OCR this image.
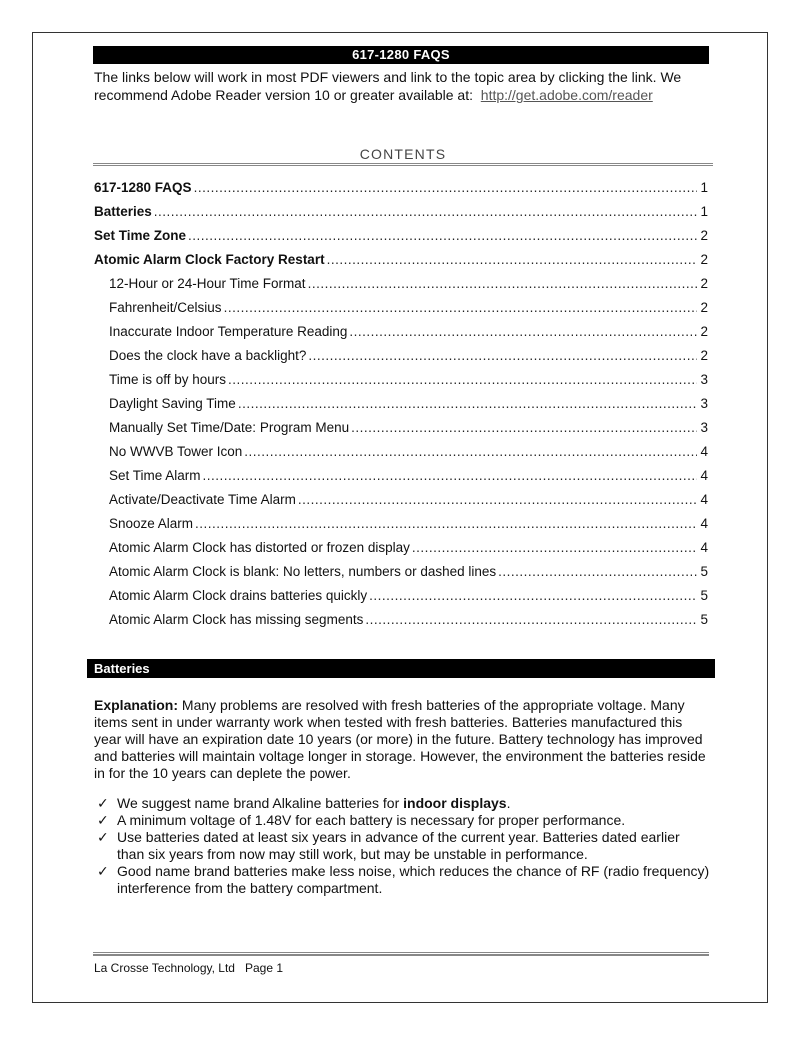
617-1280 FAQS
The links below will work in most PDF viewers and link to the topic area by clicking the link. We recommend Adobe Reader version 10 or greater available at: http://get.adobe.com/reader
CONTENTS
617-1280 FAQS .....	1
Batteries .....	1
Set Time Zone .....	2
Atomic Alarm Clock Factory Restart .....	2
12-Hour or 24-Hour Time Format .....	2
Fahrenheit/Celsius .....	2
Inaccurate Indoor Temperature Reading .....	2
Does the clock have a backlight? .....	2
Time is off by hours .....	3
Daylight Saving Time .....	3
Manually Set Time/Date: Program Menu .....	3
No WWVB Tower Icon .....	4
Set Time Alarm .....	4
Activate/Deactivate Time Alarm .....	4
Snooze Alarm .....	4
Atomic Alarm Clock has distorted or frozen display .....	4
Atomic Alarm Clock is blank: No letters, numbers or dashed lines .....	5
Atomic Alarm Clock drains batteries quickly .....	5
Atomic Alarm Clock has missing segments .....	5
Batteries
Explanation: Many problems are resolved with fresh batteries of the appropriate voltage. Many items sent in under warranty work when tested with fresh batteries. Batteries manufactured this year will have an expiration date 10 years (or more) in the future. Battery technology has improved and batteries will maintain voltage longer in storage. However, the environment the batteries reside in for the 10 years can deplete the power.
✓ We suggest name brand Alkaline batteries for indoor displays.
✓ A minimum voltage of 1.48V for each battery is necessary for proper performance.
✓ Use batteries dated at least six years in advance of the current year. Batteries dated earlier than six years from now may still work, but may be unstable in performance.
✓ Good name brand batteries make less noise, which reduces the chance of RF (radio frequency) interference from the battery compartment.
La Crosse Technology, Ltd   Page 1
